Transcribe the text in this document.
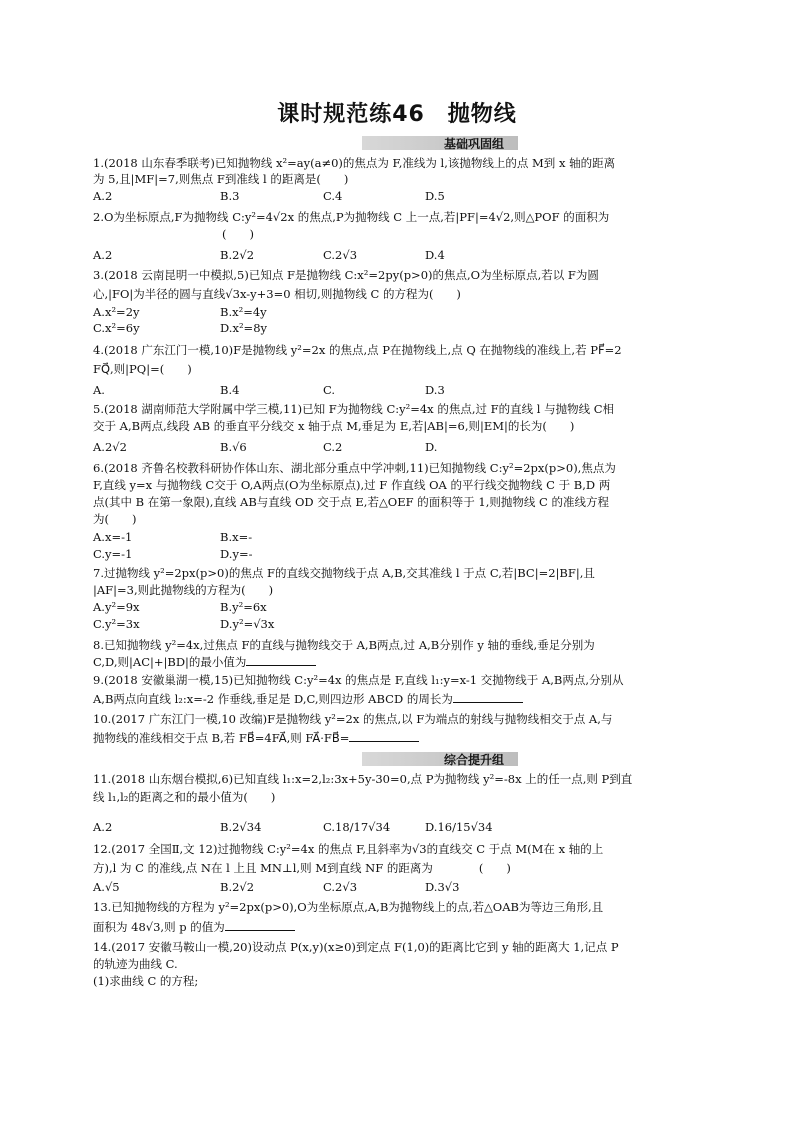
课时规范练46　抛物线
基础巩固组
1.(2018 山东春季联考)已知抛物线 x²=ay(a≠0)的焦点为 F,准线为 l,该抛物线上的点 M到 x 轴的距离
为 5,且|MF|=7,则焦点 F到准线 l 的距离是(　　)
A.2	B.3	C.4	D.5
2.O为坐标原点,F为抛物线 C:y²=4√2x 的焦点,P为抛物线 C 上一点,若|PF|=4√2,则△POF 的面积为
(　　)
A.2	B.2√2	C.2√3	D.4
3.(2018 云南昆明一中模拟,5)已知点 F是抛物线 C:x²=2py(p>0)的焦点,O为坐标原点,若以 F为圆
心,|FO|为半径的圆与直线√3x-y+3=0 相切,则抛物线 C 的方程为(　　)
A.x²=2y	B.x²=4y
C.x²=6y	D.x²=8y
4.(2018 广东江门一模,10)F是抛物线 y²=2x 的焦点,点 P在抛物线上,点 Q 在抛物线的准线上,若 PF⃗=2
FQ⃗,则|PQ|=(　　)
A.	B.4	C.	D.3
5.(2018 湖南师范大学附属中学三模,11)已知 F为抛物线 C:y²=4x 的焦点,过 F的直线 l 与抛物线 C相
交于 A,B两点,线段 AB 的垂直平分线交 x 轴于点 M,垂足为 E,若|AB|=6,则|EM|的长为(　　)
A.2√2	B.√6	C.2	D.
6.(2018 齐鲁名校教科研协作体山东、湖北部分重点中学冲刺,11)已知抛物线 C:y²=2px(p>0),焦点为
F,直线 y=x 与抛物线 C交于 O,A两点(O为坐标原点),过 F 作直线 OA 的平行线交抛物线 C 于 B,D 两
点(其中 B 在第一象限),直线 AB与直线 OD 交于点 E,若△OEF 的面积等于 1,则抛物线 C 的准线方程
为(　　)
A.x=-1	B.x=-
C.y=-1	D.y=-
7.过抛物线 y²=2px(p>0)的焦点 F的直线交抛物线于点 A,B,交其准线 l 于点 C,若|BC|=2|BF|,且
|AF|=3,则此抛物线的方程为(　　)
A.y²=9x	B.y²=6x
C.y²=3x	D.y²=√3x
8.已知抛物线 y²=4x,过焦点 F的直线与抛物线交于 A,B两点,过 A,B分别作 y 轴的垂线,垂足分别为
C,D,则|AC|+|BD|的最小值为
9.(2018 安徽巢湖一模,15)已知抛物线 C:y²=4x 的焦点是 F,直线 l₁:y=x-1 交抛物线于 A,B两点,分别从
A,B两点向直线 l₂:x=-2 作垂线,垂足是 D,C,则四边形 ABCD 的周长为
10.(2017 广东江门一模,10 改编)F是抛物线 y²=2x 的焦点,以 F为端点的射线与抛物线相交于点 A,与
抛物线的准线相交于点 B,若 FB⃗=4FA⃗,则 FA⃗·FB⃗=
综合提升组
11.(2018 山东烟台模拟,6)已知直线 l₁:x=2,l₂:3x+5y-30=0,点 P为抛物线 y²=-8x 上的任一点,则 P到直
线 l₁,l₂的距离之和的最小值为(　　)
A.2	B.2√34	C.18/17√34	D.16/15√34
12.(2017 全国Ⅱ,文 12)过抛物线 C:y²=4x 的焦点 F,且斜率为√3的直线交 C 于点 M(M在 x 轴的上
方),l 为 C 的准线,点 N在 l 上且 MN⊥l,则 M到直线 NF 的距离为　　　　(　　)
A.√5	B.2√2	C.2√3	D.3√3
13.已知抛物线的方程为 y²=2px(p>0),O为坐标原点,A,B为抛物线上的点,若△OAB为等边三角形,且
面积为 48√3,则 p 的值为
14.(2017 安徽马鞍山一模,20)设动点 P(x,y)(x≥0)到定点 F(1,0)的距离比它到 y 轴的距离大 1,记点 P
的轨迹为曲线 C.
(1)求曲线 C 的方程;
